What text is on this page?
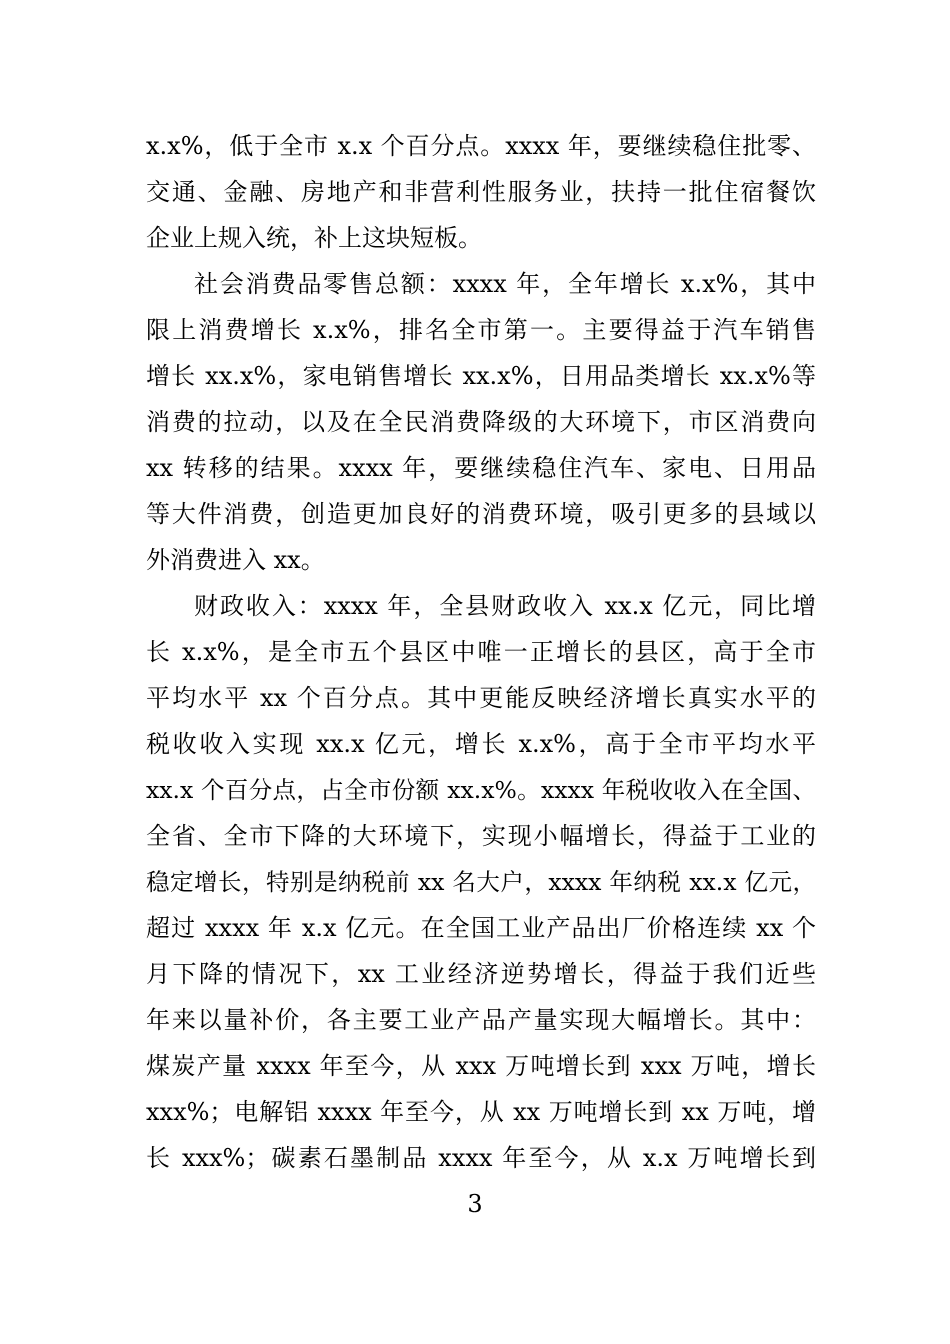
x.x%，低于全市 x.x 个百分点。xxxx 年，要继续稳住批零、
交通、金融、房地产和非营利性服务业，扶持一批住宿餐饮
企业上规入统，补上这块短板。
社会消费品零售总额：xxxx 年，全年增长 x.x%，其中
限上消费增长 x.x%，排名全市第一。主要得益于汽车销售
增长 xx.x%，家电销售增长 xx.x%，日用品类增长 xx.x%等
消费的拉动，以及在全民消费降级的大环境下，市区消费向
xx 转移的结果。xxxx 年，要继续稳住汽车、家电、日用品
等大件消费，创造更加良好的消费环境，吸引更多的县域以
外消费进入 xx。
财政收入：xxxx 年，全县财政收入 xx.x 亿元，同比增
长 x.x%，是全市五个县区中唯一正增长的县区，高于全市
平均水平 xx 个百分点。其中更能反映经济增长真实水平的
税收收入实现 xx.x 亿元，增长 x.x%，高于全市平均水平
xx.x 个百分点，占全市份额 xx.x%。xxxx 年税收收入在全国、
全省、全市下降的大环境下，实现小幅增长，得益于工业的
稳定增长，特别是纳税前 xx 名大户，xxxx 年纳税 xx.x 亿元，
超过 xxxx 年 x.x 亿元。在全国工业产品出厂价格连续 xx 个
月下降的情况下，xx 工业经济逆势增长，得益于我们近些
年来以量补价，各主要工业产品产量实现大幅增长。其中：
煤炭产量 xxxx 年至今，从 xxx 万吨增长到 xxx 万吨，增长
xxx%；电解铝 xxxx 年至今，从 xx 万吨增长到 xx 万吨，增
长 xxx%；碳素石墨制品 xxxx 年至今，从 x.x 万吨增长到
3
